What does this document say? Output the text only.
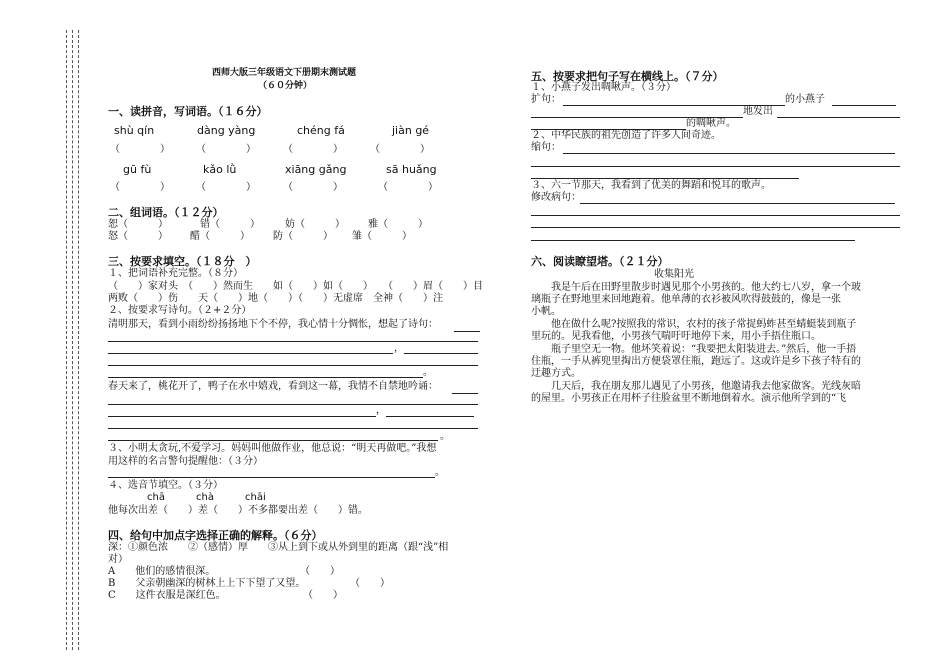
西师大版三年级语文下册期末测试题
（６０分钟）
一、读拼音，写词语。（１６分）
shù qín	dàng yàng	chéng fá	jiàn gé
（　　　　）	（　　　　）	（　　　　）	（　　　　）
gū fù	kǎo lǜ	xiāng gǎng	sā huǎng
（　　　　）	（　　　　）	（　　　　）	（　　　　）
二、组词语。（１２分）
恕（　　　）	错（　　　）	妨（　　　） 雅（　　　）
怒（　　　） 醋（　　　） 防（　　　） 雏（　　　）
三、按要求填空。（１８分　）
１、把词语补充完整。（８分）
（　　）家对头　（　　）然而生　　如（　　）如（　　）　　（　　）眉（　　）目
两败（　　）伤　　天（　　）地（　　）（　　）无虚席　全神（　　）注
２、按要求写诗句。（２+２分）
清明那天，看到小雨纷纷扬扬地下个不停，我心情十分惆怅，想起了诗句：
，
。
春天来了，桃花开了，鸭子在水中嬉戏，看到这一幕，我情不自禁地吟诵：
，
。
３、小明太贪玩,不爱学习。妈妈叫他做作业，他总说：“明天再做吧。”我想
用这样的名言警句提醒他：（３分）
。
４、选音节填空。（３分）
chā	chà	chāi
他每次出差（　　）差（　　）不多都要出差（　　）错。
四、给句中加点字选择正确的解释。（６分）
深：①颜色浓　　②（感情）厚　　③从上到下或从外到里的距离（跟“浅”相
对）
A　　他们的感情很深。	（　　）
B　　父亲朝幽深的树林上上下下望了又望。	（　　）
C　　这件衣服是深红色。	（　　）
五、按要求把句子写在横线上。（７分）
１、小燕子发出啁啾声。（３分）
扩句：	的小燕子
地发出
的啁啾声。
２、中华民族的祖先创造了许多人间奇迹。
缩句：
３、六一节那天，我看到了优美的舞蹈和悦耳的歌声。
修改病句：
六、阅读瞭望塔。（２１分）
收集阳光
　　我是午后在田野里散步时遇见那个小男孩的。他大约七八岁，拿一个玻
璃瓶子在野地里来回地跑着。他单薄的衣衫被风吹得鼓鼓的，像是一张
小帆。
　　他在做什么呢?按照我的常识，农村的孩子常捉蚂蚱甚至蜻蜓装到瓶子
里玩的。见我看他，小男孩气喘吁吁地停下来，用小手捂住瓶口。
　　瓶子里空无一物。他坏笑着说：“我要把太阳装进去。”然后，他一手捂
住瓶，一手从裤兜里掏出方便袋罩住瓶，跑远了。这或许是乡下孩子特有的
迂趣方式。
　　几天后，我在朋友那儿遇见了小男孩，他邀请我去他家做客。光线灰暗
的屋里。小男孩正在用杯子往脸盆里不断地倒着水。演示他所学到的“飞
